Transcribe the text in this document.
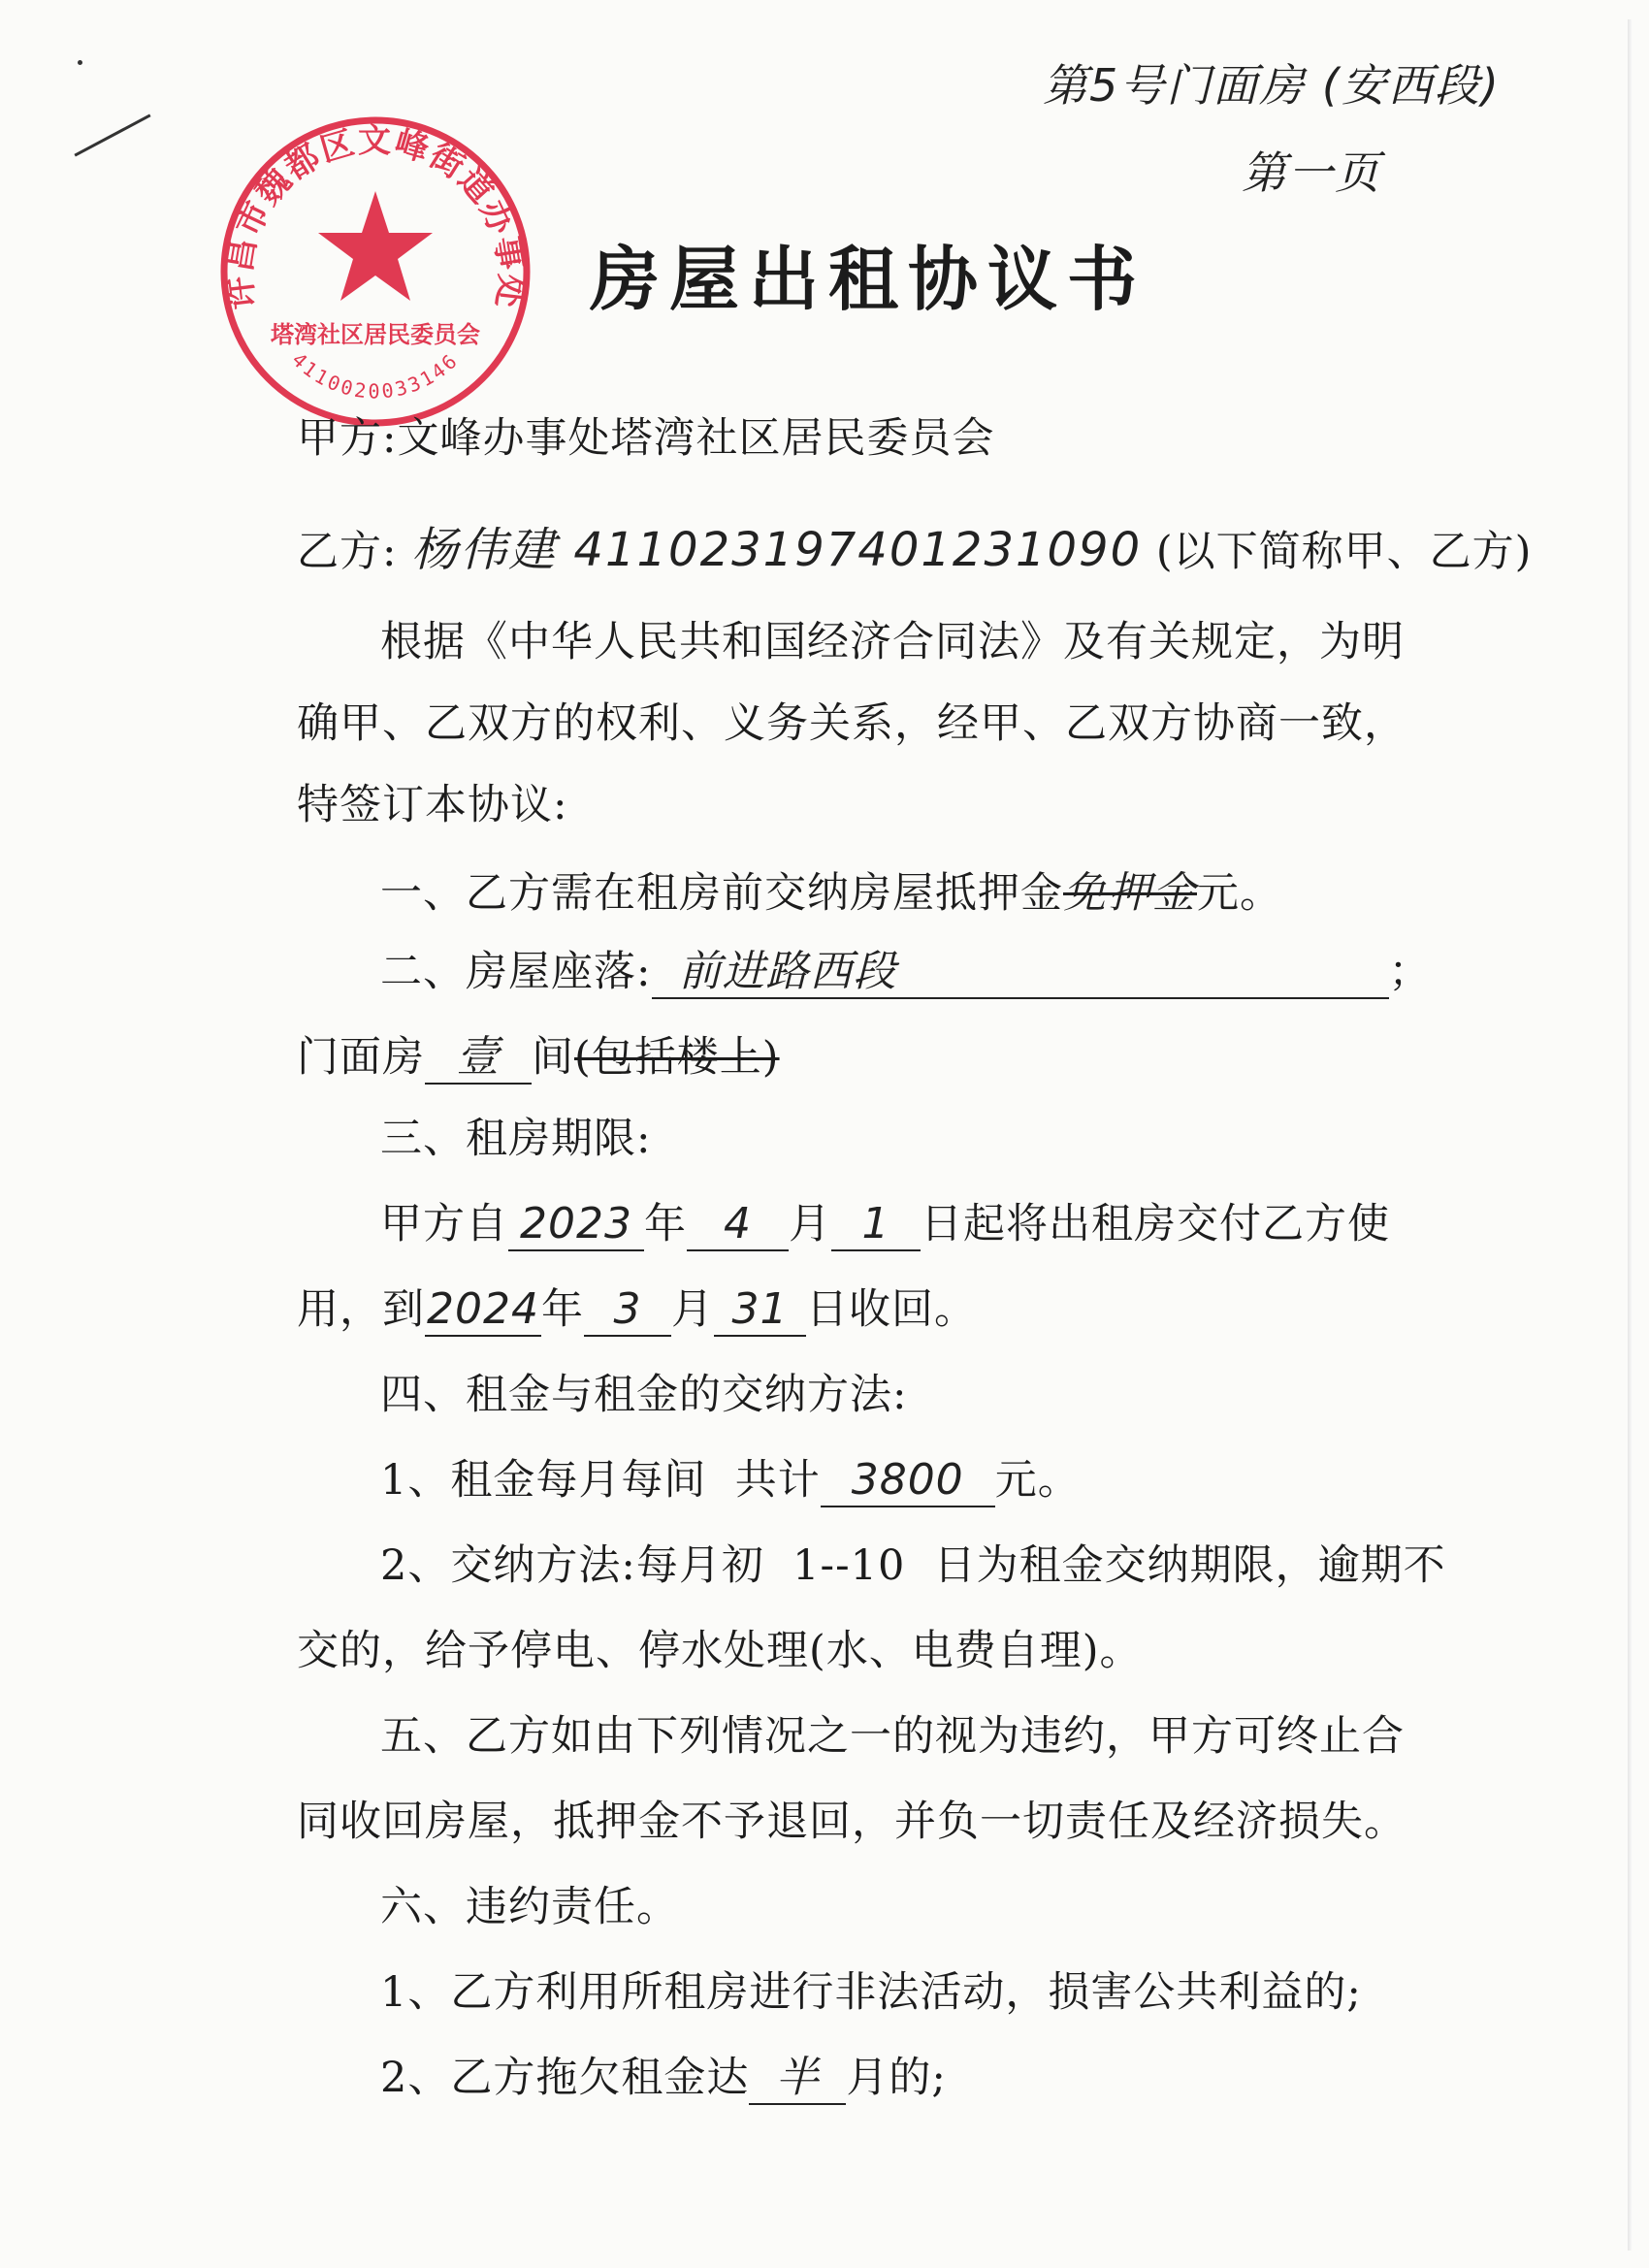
第5号门面房 (安西段)
第一页
许昌市魏都区文峰街道办事处
塔湾社区居民委员会
4110020033146
房屋出租协议书
甲方:文峰办事处塔湾社区居民委员会
乙方: 杨伟建 411023197401231090 (以下简称甲、乙方)
根据《中华人民共和国经济合同法》及有关规定，为明
确甲、乙双方的权利、义务关系，经甲、乙双方协商一致，
特签订本协议:
一、乙方需在租房前交纳房屋抵押金免押金元。
二、房屋座落: 前进路西段	；
门面房 壹 间(包括楼上)
三、租房期限:
甲方自 2023 年 4 月 1 日起将出租房交付乙方使
用，到2024年 3 月 31 日收回。
四、租金与租金的交纳方法:
1、租金每月每间  共计 3800 元。
2、交纳方法:每月初  1--10  日为租金交纳期限，逾期不
交的，给予停电、停水处理(水、电费自理)。
五、乙方如由下列情况之一的视为违约，甲方可终止合
同收回房屋，抵押金不予退回，并负一切责任及经济损失。
六、违约责任。
1、乙方利用所租房进行非法活动，损害公共利益的;
2、乙方拖欠租金达 半 月的;
